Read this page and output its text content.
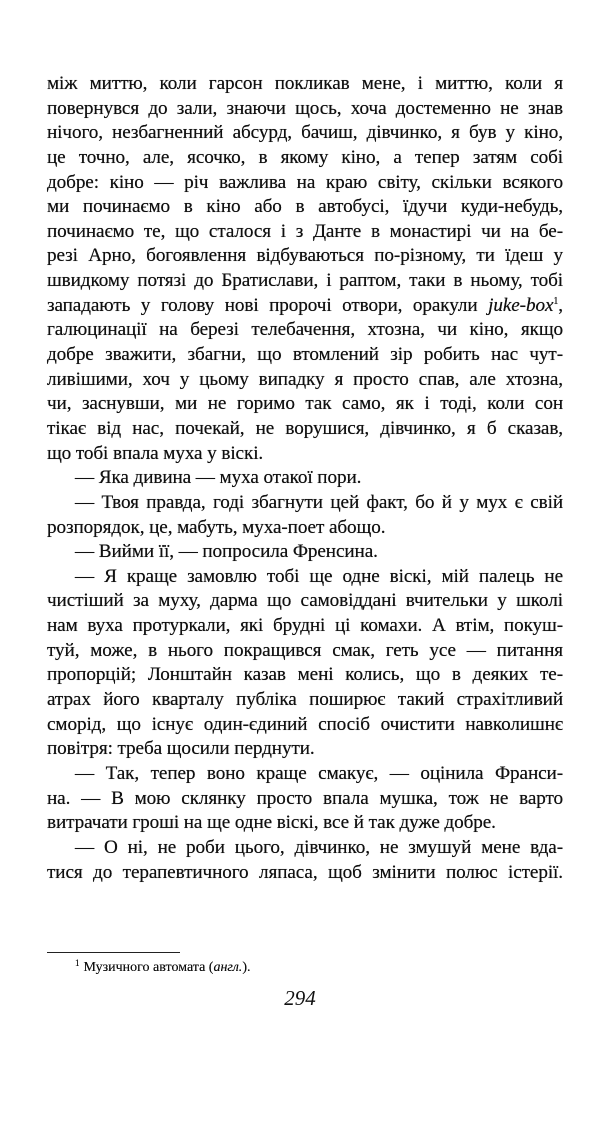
між миттю, коли гарсон покликав мене, і миттю, коли я
повернувся до зали, знаючи щось, хоча достеменно не знав
нічого, незбагненний абсурд, бачиш, дівчинко, я був у кіно,
це точно, але, ясочко, в якому кіно, а тепер затям собі
добре: кіно — річ важлива на краю світу, скільки всякого
ми починаємо в кіно або в автобусі, їдучи куди-небудь,
починаємо те, що сталося і з Данте в монастирі чи на бе-
резі Арно, богоявлення відбуваються по-різному, ти їдеш у
швидкому потязі до Братислави, і раптом, таки в ньому, тобі
западають у голову нові пророчі отвори, оракули juke-box$^1$,
галюцинації на березі телебачення, хтозна, чи кіно, якщо
добре зважити, збагни, що втомлений зір робить нас чут-
ливішими, хоч у цьому випадку я просто спав, але хтозна,
чи, заснувши, ми не горимо так само, як і тоді, коли сон
тікає від нас, почекай, не ворушися, дівчинко, я б сказав,
що тобі впала муха у віскі.
— Яка дивина — муха отакої пори.
— Твоя правда, годі збагнути цей факт, бо й у мух є свій
розпорядок, це, мабуть, муха-поет абощо.
— Вийми її, — попросила Френсина.
— Я краще замовлю тобі ще одне віскі, мій палець не
чистіший за муху, дарма що самовіддані вчительки у школі
нам вуха протуркали, які брудні ці комахи. А втім, покуш-
туй, може, в нього покращився смак, геть усе — питання
пропорцій; Лонштайн казав мені колись, що в деяких те-
атрах його кварталу публіка поширює такий страхітливий
сморід, що існує один-єдиний спосіб очистити навколишнє
повітря: треба щосили перднути.
— Так, тепер воно краще смакує, — оцінила Франси-
на. — В мою склянку просто впала мушка, тож не варто
витрачати гроші на ще одне віскі, все й так дуже добре.
— О ні, не роби цього, дівчинко, не змушуй мене вда-
тися до терапевтичного ляпаса, щоб змінити полюс істерії.
$^1$ Музичного автомата (англ.).
294
